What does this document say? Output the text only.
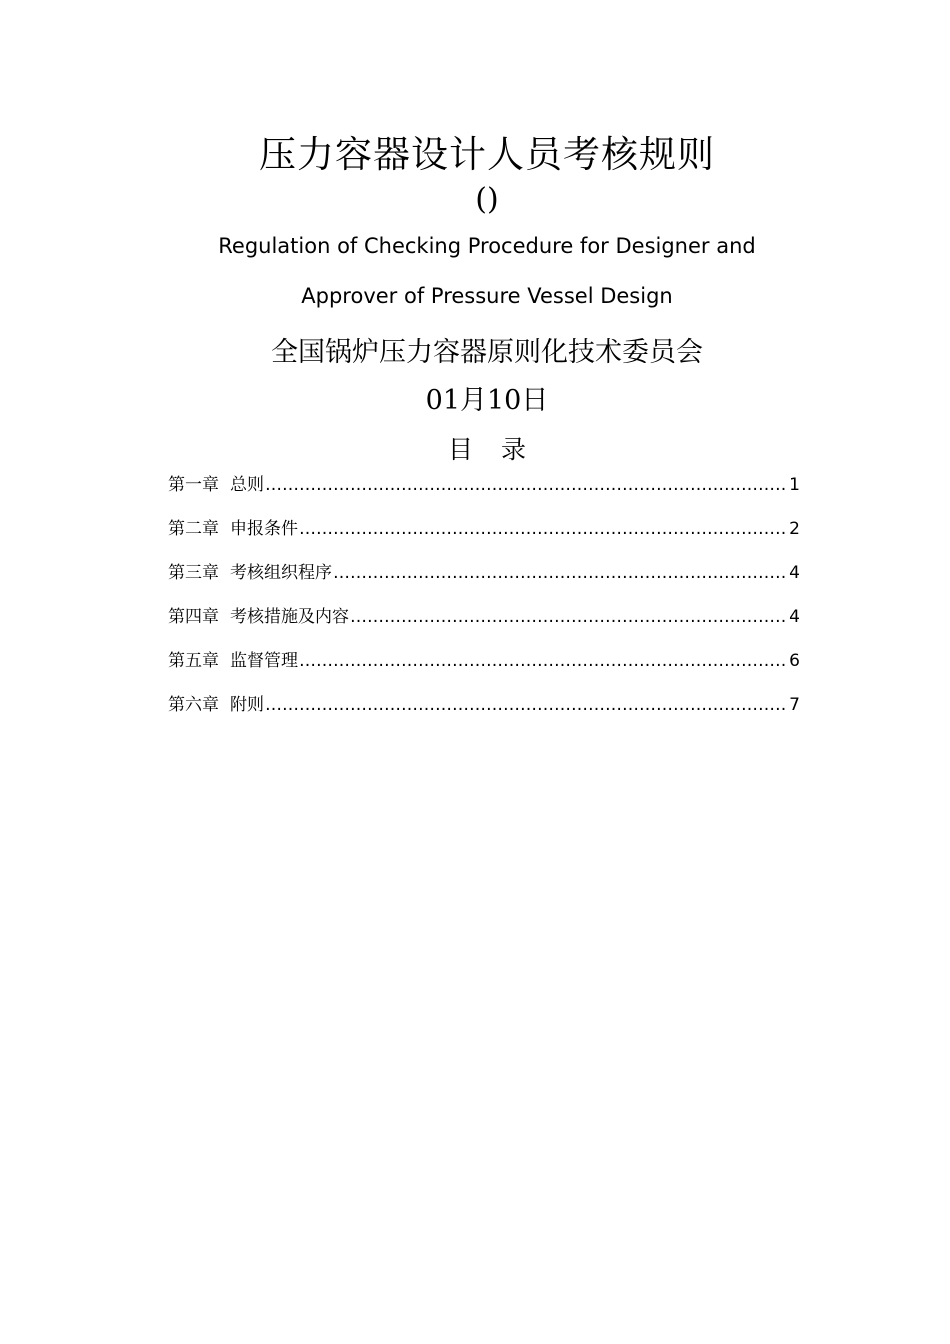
压力容器设计人员考核规则
()
Regulation of Checking Procedure for Designer and
Approver of Pressure Vessel Design
全国锅炉压力容器原则化技术委员会
01月10日
目录
第一章 总则 ……………………………………………………………………………………………………………………………………………………………………………………………………	1
第二章 申报条件 ……………………………………………………………………………………………………………………………………………………………………………………………………	2
第三章 考核组织程序 ……………………………………………………………………………………………………………………………………………………………………………………………………	4
第四章 考核措施及内容 ……………………………………………………………………………………………………………………………………………………………………………………………………	4
第五章 监督管理 ……………………………………………………………………………………………………………………………………………………………………………………………………	6
第六章 附则 ……………………………………………………………………………………………………………………………………………………………………………………………………	7
